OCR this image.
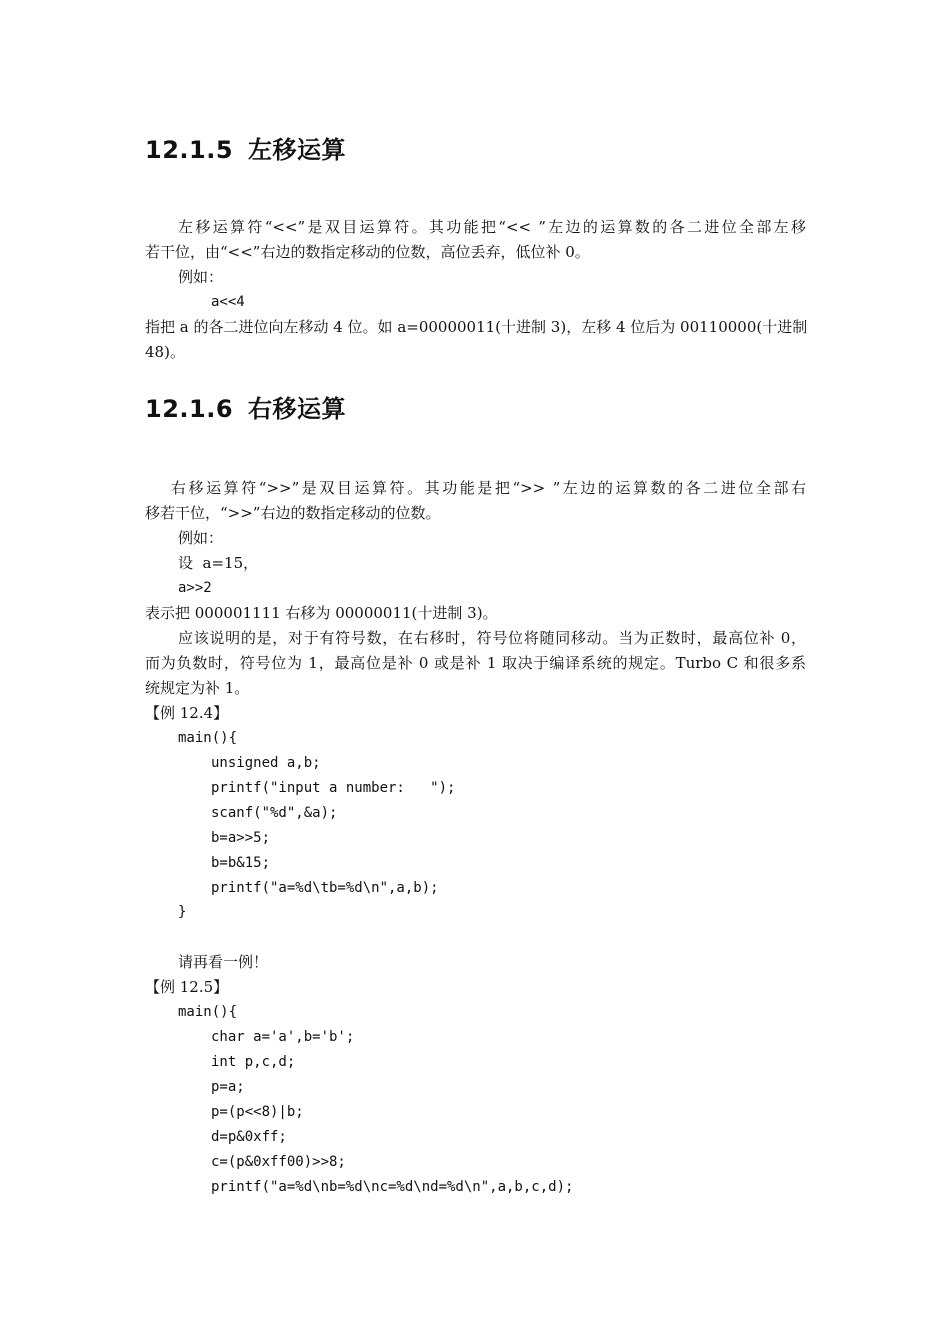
12.1.5 左移运算
左移运算符“<<”是双目运算符。其功能把“<< ”左边的运算数的各二进位全部左移
若干位，由“<<”右边的数指定移动的位数，高位丢弃，低位补 0。
例如：
a<<4
指把 a 的各二进位向左移动 4 位。如 a=00000011(十进制 3)，左移 4 位后为 00110000(十进制
48)。
12.1.6 右移运算
右移运算符“>>”是双目运算符。其功能是把“>> ”左边的运算数的各二进位全部右
移若干位，“>>”右边的数指定移动的位数。
例如：
设  a=15，
a>>2
表示把 000001111 右移为 00000011(十进制 3)。
应该说明的是，对于有符号数，在右移时，符号位将随同移动。当为正数时，最高位补 0，
而为负数时，符号位为 1，最高位是补 0 或是补 1 取决于编译系统的规定。Turbo C 和很多系
统规定为补 1。
【例 12.4】
main(){
unsigned a,b;
printf("input a number:   ");
scanf("%d",&a);
b=a>>5;
b=b&15;
printf("a=%d\tb=%d\n",a,b);
}
请再看一例！
【例 12.5】
main(){
char a='a',b='b';
int p,c,d;
p=a;
p=(p<<8)|b;
d=p&0xff;
c=(p&0xff00)>>8;
printf("a=%d\nb=%d\nc=%d\nd=%d\n",a,b,c,d);
